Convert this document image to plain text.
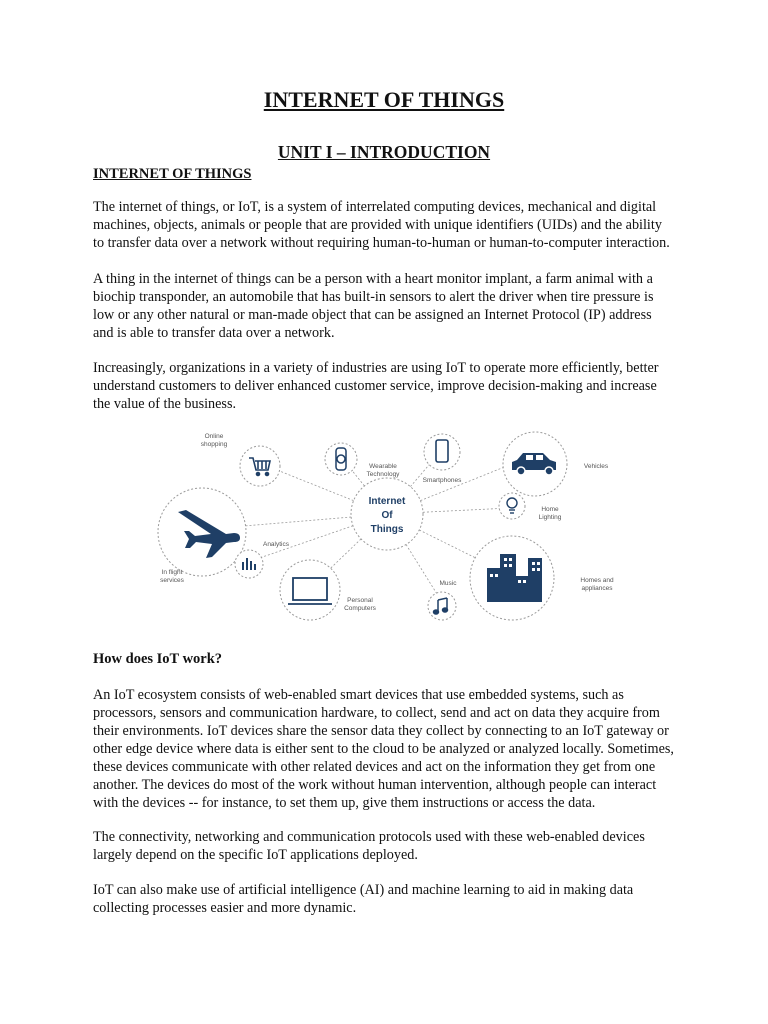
INTERNET OF THINGS
UNIT I – INTRODUCTION
INTERNET OF THINGS

The internet of things, or IoT, is a system of interrelated computing devices, mechanical and digital
machines, objects, animals or people that are provided with unique identifiers (UIDs) and the ability
to transfer data over a network without requiring human-to-human or human-to-computer interaction.

A thing in the internet of things can be a person with a heart monitor implant, a farm animal with a
biochip transponder, an automobile that has built-in sensors to alert the driver when tire pressure is
low or any other natural or man-made object that can be assigned an Internet Protocol (IP) address
and is able to transfer data over a network.

Increasingly, organizations in a variety of industries are using IoT to operate more efficiently, better
understand customers to deliver enhanced customer service, improve decision-making and increase
the value of the business.

Internet
Of
Things
Online
shopping
Wearable
Technology
Smartphones
Vehicles
Home
Lighting
In flight
services
Analytics
Personal
Computers
Music	Homes and
appliances
How does IoT work?

An IoT ecosystem consists of web-enabled smart devices that use embedded systems, such as
processors, sensors and communication hardware, to collect, send and act on data they acquire from
their environments. IoT devices share the sensor data they collect by connecting to an IoT gateway or
other edge device where data is either sent to the cloud to be analyzed or analyzed locally. Sometimes,
these devices communicate with other related devices and act on the information they get from one
another. The devices do most of the work without human intervention, although people can interact
with the devices -- for instance, to set them up, give them instructions or access the data.

The connectivity, networking and communication protocols used with these web-enabled devices
largely depend on the specific IoT applications deployed.

IoT can also make use of artificial intelligence (AI) and machine learning to aid in making data
collecting processes easier and more dynamic.
